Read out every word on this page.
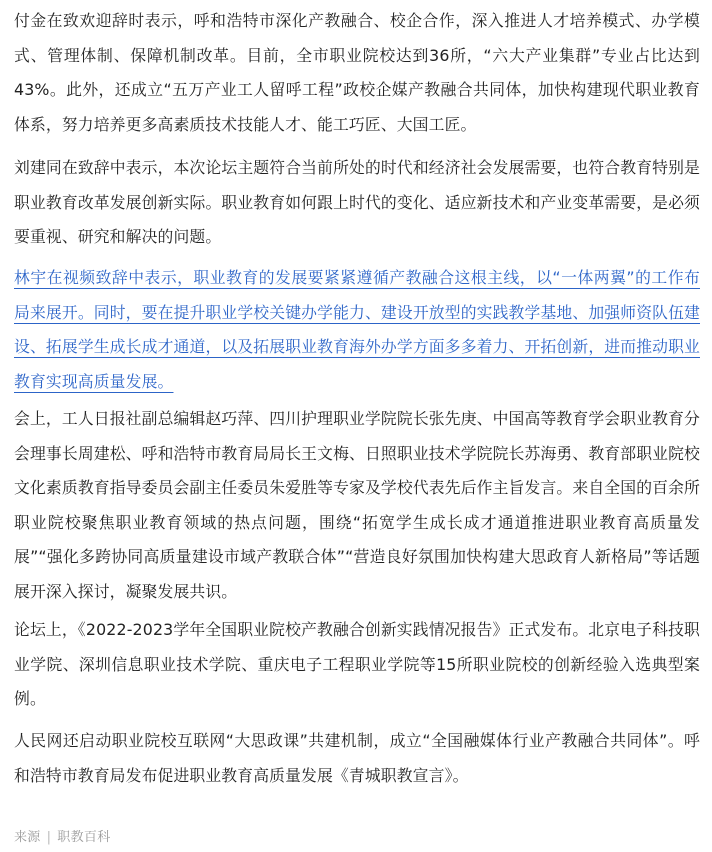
付金在致欢迎辞时表示，呼和浩特市深化产教融合、校企合作，深入推进人才培养模式、办学模式、管理体制、保障机制改革。目前，全市职业院校达到36所，“六大产业集群”专业占比达到43%。此外，还成立“五万产业工人留呼工程”政校企媒产教融合共同体，加快构建现代职业教育体系，努力培养更多高素质技术技能人才、能工巧匠、大国工匠。

刘建同在致辞中表示，本次论坛主题符合当前所处的时代和经济社会发展需要，也符合教育特别是职业教育改革发展创新实际。职业教育如何跟上时代的变化、适应新技术和产业变革需要，是必须要重视、研究和解决的问题。

林宇在视频致辞中表示，职业教育的发展要紧紧遵循产教融合这根主线，以“一体两翼”的工作布局来展开。同时，要在提升职业学校关键办学能力、建设开放型的实践教学基地、加强师资队伍建设、拓展学生成长成才通道，以及拓展职业教育海外办学方面多多着力、开拓创新，进而推动职业教育实现高质量发展。

会上，工人日报社副总编辑赵巧萍、四川护理职业学院院长张先庚、中国高等教育学会职业教育分会理事长周建松、呼和浩特市教育局局长王文梅、日照职业技术学院院长苏海勇、教育部职业院校文化素质教育指导委员会副主任委员朱爱胜等专家及学校代表先后作主旨发言。来自全国的百余所职业院校聚焦职业教育领域的热点问题，围绕“拓宽学生成长成才通道推进职业教育高质量发展”“强化多跨协同高质量建设市域产教联合体”“营造良好氛围加快构建大思政育人新格局”等话题展开深入探讨，凝聚发展共识。

论坛上，《2022-2023学年全国职业院校产教融合创新实践情况报告》正式发布。北京电子科技职业学院、深圳信息职业技术学院、重庆电子工程职业学院等15所职业院校的创新经验入选典型案例。

人民网还启动职业院校互联网“大思政课”共建机制，成立“全国融媒体行业产教融合共同体”。呼和浩特市教育局发布促进职业教育高质量发展《青城职教宣言》。

来源 | 职教百科
